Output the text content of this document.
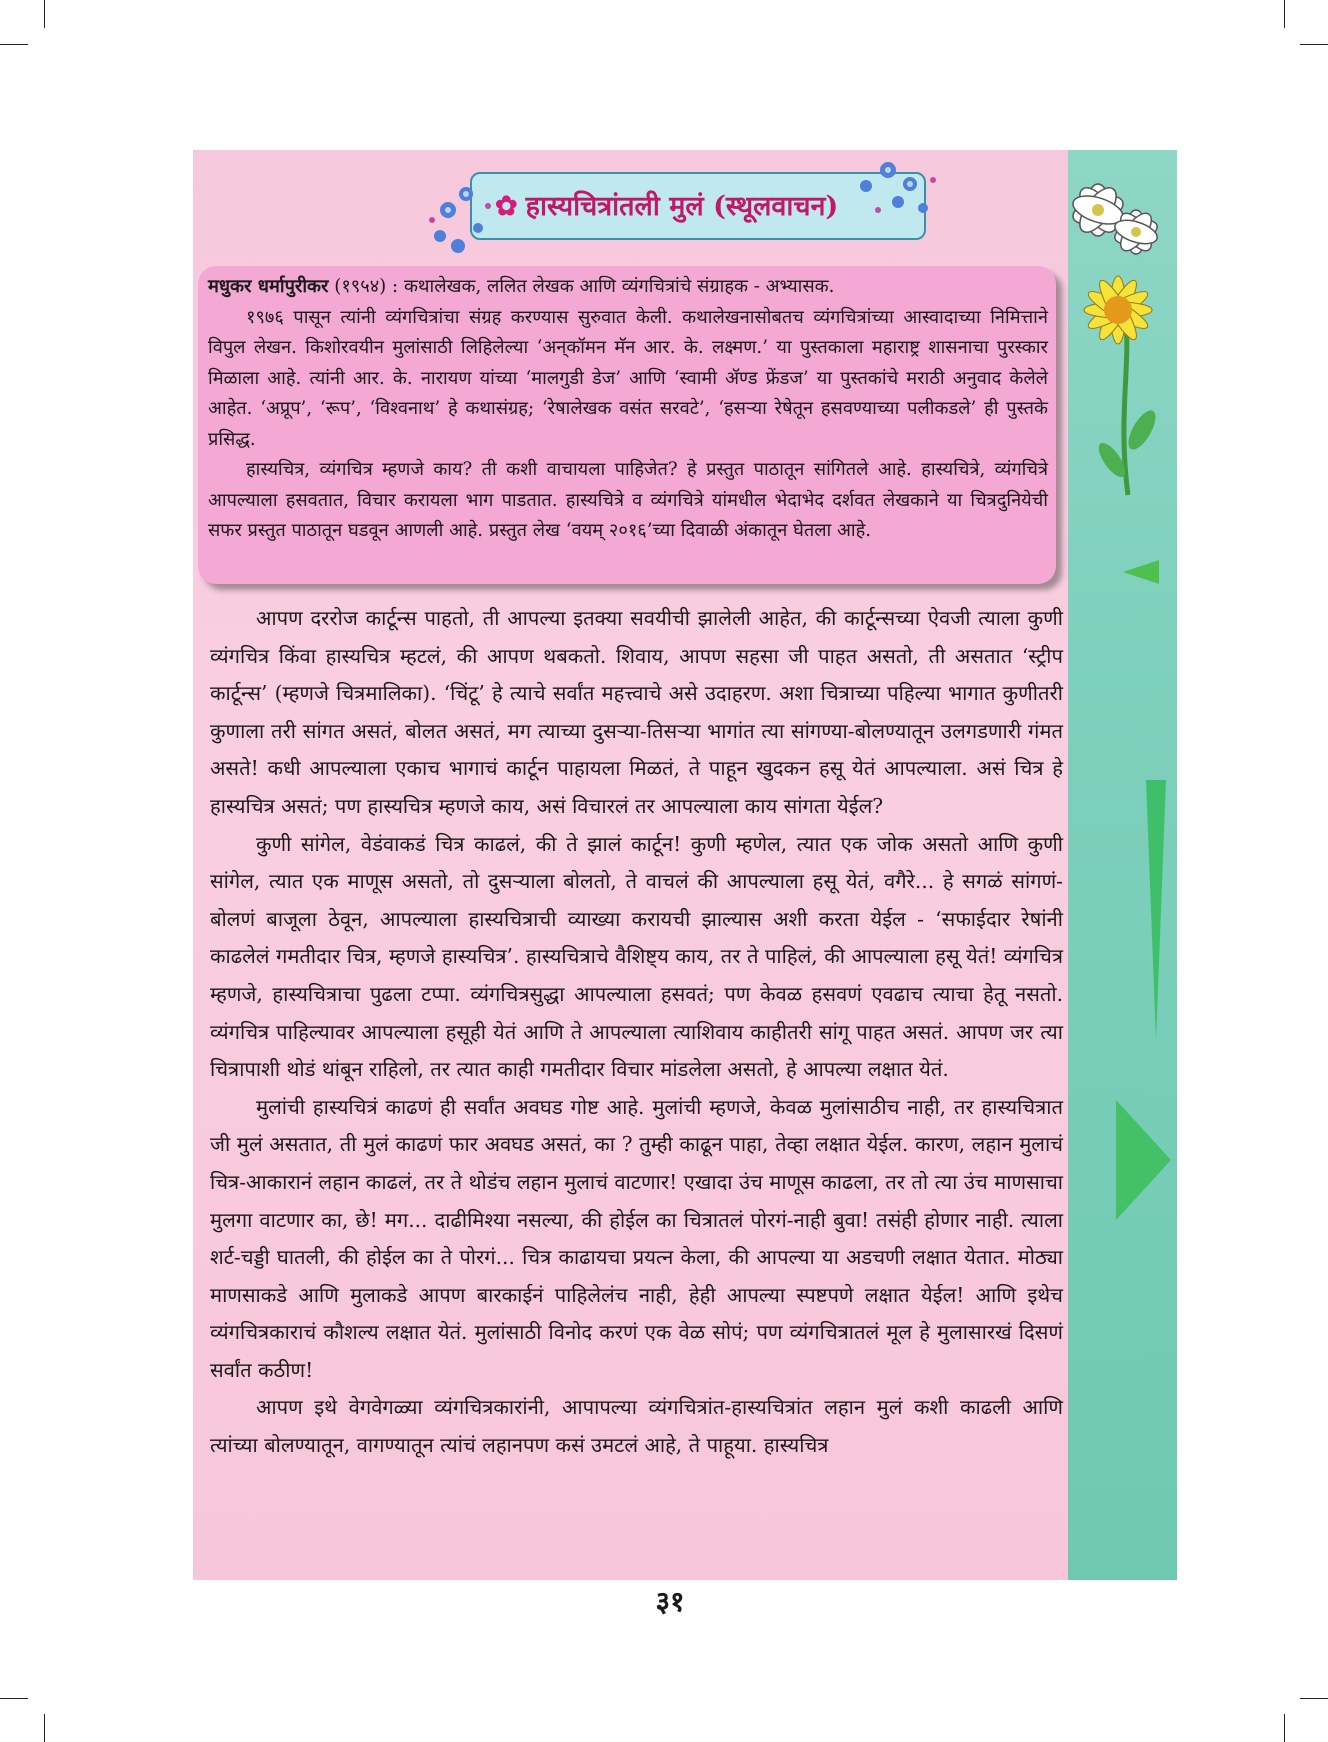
✿ हास्यचित्रांतली मुलं (स्थूलवाचन)

मधुकर धर्मापुरीकर (१९५४) : कथालेखक, ललित लेखक आणि व्यंगचित्रांचे संग्राहक - अभ्यासक.

१९७६ पासून त्यांनी व्यंगचित्रांचा संग्रह करण्यास सुरुवात केली. कथालेखनासोबतच व्यंगचित्रांच्या आस्वादाच्या निमित्ताने विपुल लेखन. किशोरवयीन मुलांसाठी लिहिलेल्या ‘अन्‌कॉमन मॅन आर. के. लक्ष्मण.’ या पुस्तकाला महाराष्ट्र शासनाचा पुरस्कार मिळाला आहे. त्यांनी आर. के. नारायण यांच्या ‘मालगुडी डेज’ आणि ‘स्वामी ॲण्ड फ्रेंडज’ या पुस्तकांचे मराठी अनुवाद केलेले आहेत. ‘अप्रूप’, ‘रूप’, ‘विश्वनाथ’ हे कथासंग्रह; ‘रेषालेखक वसंत सरवटे’, ‘हसऱ्या रेषेतून हसवण्याच्या पलीकडले’ ही पुस्तके प्रसिद्ध.

हास्यचित्र, व्यंगचित्र म्हणजे काय? ती कशी वाचायला पाहिजेत? हे प्रस्तुत पाठातून सांगितले आहे. हास्यचित्रे, व्यंगचित्रे आपल्याला हसवतात, विचार करायला भाग पाडतात. हास्यचित्रे व व्यंगचित्रे यांमधील भेदाभेद दर्शवत लेखकाने या चित्रदुनियेची सफर प्रस्तुत पाठातून घडवून आणली आहे. प्रस्तुत लेख ‘वयम् २०१६’च्या दिवाळी अंकातून घेतला आहे.

आपण दररोज कार्टून्स पाहतो, ती आपल्या इतक्या सवयीची झालेली आहेत, की कार्टून्सच्या ऐवजी त्याला कुणी व्यंगचित्र किंवा हास्यचित्र म्हटलं, की आपण थबकतो. शिवाय, आपण सहसा जी पाहत असतो, ती असतात ‘स्ट्रीप कार्टून्स’ (म्हणजे चित्रमालिका). ‘चिंटू’ हे त्याचे सर्वांत महत्त्वाचे असे उदाहरण. अशा चित्राच्या पहिल्या भागात कुणीतरी कुणाला तरी सांगत असतं, बोलत असतं, मग त्याच्या दुसऱ्या-तिसऱ्या भागांत त्या सांगण्या-बोलण्यातून उलगडणारी गंमत असते! कधी आपल्याला एकाच भागाचं कार्टून पाहायला मिळतं, ते पाहून खुदकन हसू येतं आपल्याला. असं चित्र हे हास्यचित्र असतं; पण हास्यचित्र म्हणजे काय, असं विचारलं तर आपल्याला काय सांगता येईल?

कुणी सांगेल, वेडंवाकडं चित्र काढलं, की ते झालं कार्टून! कुणी म्हणेल, त्यात एक जोक असतो आणि कुणी सांगेल, त्यात एक माणूस असतो, तो दुसऱ्याला बोलतो, ते वाचलं की आपल्याला हसू येतं, वगैरे... हे सगळं सांगणं-बोलणं बाजूला ठेवून, आपल्याला हास्यचित्राची व्याख्या करायची झाल्यास अशी करता येईल - ‘सफाईदार रेषांनी काढलेलं गमतीदार चित्र, म्हणजे हास्यचित्र’. हास्यचित्राचे वैशिष्ट्य काय, तर ते पाहिलं, की आपल्याला हसू येतं! व्यंगचित्र म्हणजे, हास्यचित्राचा पुढला टप्पा. व्यंगचित्रसुद्धा आपल्याला हसवतं; पण केवळ हसवणं एवढाच त्याचा हेतू नसतो. व्यंगचित्र पाहिल्यावर आपल्याला हसूही येतं आणि ते आपल्याला त्याशिवाय काहीतरी सांगू पाहत असतं. आपण जर त्या चित्रापाशी थोडं थांबून राहिलो, तर त्यात काही गमतीदार विचार मांडलेला असतो, हे आपल्या लक्षात येतं.

मुलांची हास्यचित्रं काढणं ही सर्वांत अवघड गोष्ट आहे. मुलांची म्हणजे, केवळ मुलांसाठीच नाही, तर हास्यचित्रात जी मुलं असतात, ती मुलं काढणं फार अवघड असतं, का ? तुम्ही काढून पाहा, तेव्हा लक्षात येईल. कारण, लहान मुलाचं चित्र-आकारानं लहान काढलं, तर ते थोडंच लहान मुलाचं वाटणार! एखादा उंच माणूस काढला, तर तो त्या उंच माणसाचा मुलगा वाटणार का, छे! मग... दाढीमिश्या नसल्या, की होईल का चित्रातलं पोरगं-नाही बुवा! तसंही होणार नाही. त्याला शर्ट-चड्डी घातली, की होईल का ते पोरगं... चित्र काढायचा प्रयत्न केला, की आपल्या या अडचणी लक्षात येतात. मोठ्या माणसाकडे आणि मुलाकडे आपण बारकाईनं पाहिलेलंच नाही, हेही आपल्या स्पष्टपणे लक्षात येईल! आणि इथेच व्यंगचित्रकाराचं कौशल्य लक्षात येतं. मुलांसाठी विनोद करणं एक वेळ सोपं; पण व्यंगचित्रातलं मूल हे मुलासारखं दिसणं सर्वांत कठीण!

आपण इथे वेगवेगळ्या व्यंगचित्रकारांनी, आपापल्या व्यंगचित्रांत-हास्यचित्रांत लहान मुलं कशी काढली आणि त्यांच्या बोलण्यातून, वागण्यातून त्यांचं लहानपण कसं उमटलं आहे, ते पाहूया. हास्यचित्र

३१
